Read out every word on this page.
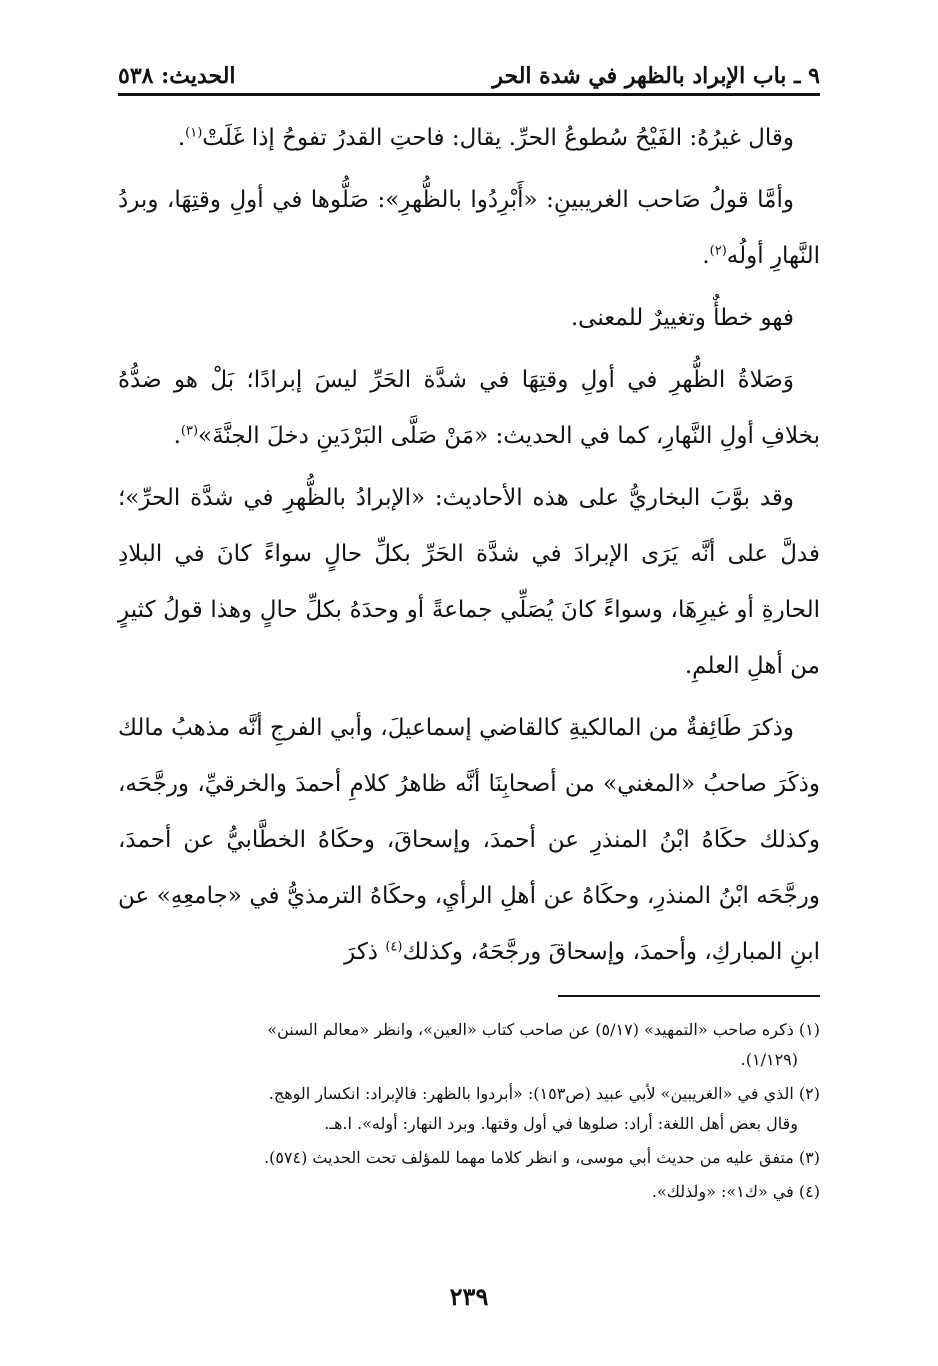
٩ ـ باب الإبراد بالظهر في شدة الحر
الحديث: ٥٣٨

وقال غيرُهُ: الفَيْحُ سُطوعُ الحرِّ. يقال: فاحتِ القدرُ تفوحُ إذا غَلَتْ$^{(١)}$.

وأمَّا قولُ صَاحب الغريبينِ: «أَبْرِدُوا بالظُّهرِ»: صَلُّوها في أولِ وقتِهَا، وبردُ النَّهارِ أولُه$^{(٢)}$.

فهو خطأٌ وتغييرٌ للمعنى.

وَصَلاةُ الظُّهرِ في أولِ وقتِهَا في شدَّة الحَرِّ ليسَ إبرادًا؛ بَلْ هو ضدُّهُ بخلافِ أولِ النَّهارِ، كما في الحديث: «مَنْ صَلَّى البَرْدَينِ دخلَ الجنَّةَ»$^{(٣)}$.

وقد بوَّبَ البخاريُّ على هذه الأحاديث: «الإبرادُ بالظُّهرِ في شدَّة الحرِّ»؛ فدلَّ على أنَّه يَرَى الإبرادَ في شدَّة الحَرِّ بكلِّ حالٍ سواءً كانَ في البلادِ الحارةِ أو غيرِهَا، وسواءً كانَ يُصَلِّي جماعةً أو وحدَهُ بكلِّ حالٍ وهذا قولُ كثيرٍ من أهلِ العلمِ.

وذكرَ طَائِفةٌ من المالكيةِ كالقاضي إسماعيلَ، وأبي الفرجِ أنَّه مذهبُ مالك وذكَرَ صاحبُ «المغني» من أصحابِنَا أنَّه ظاهرُ كلامِ أحمدَ والخرقيِّ، ورجَّحَه، وكذلك حكَاهُ ابْنُ المنذرِ عن أحمدَ، وإسحاقَ، وحكَاهُ الخطَّابيُّ عن أحمدَ، ورجَّحَه ابْنُ المنذرِ، وحكَاهُ عن أهلِ الرأيِ، وحكَاهُ الترمذيُّ في «جامعِهِ» عن ابنِ المباركِ، وأحمدَ، وإسحاقَ ورجَّحَهُ، وكذلك$^{(٤)}$ ذكرَ

(١) ذكره صاحب «التمهيد» (٥/١٧) عن صاحب كتاب «العين»، وانظر «معالم السنن»
(١/١٢٩).
(٢) الذي في «الغريبين» لأبي عبيد (ص١٥٣): «أبردوا بالظهر: فالإبراد: انكسار الوهج.
وقال بعض أهل اللغة: أراد: صلوها في أول وقتها. وبرد النهار: أوله». ا.هـ.
(٣) متفق عليه من حديث أبي موسى، و انظر كلاما مهما للمؤلف تحت الحديث (٥٧٤).
(٤) في «ك١»: «ولذلك».
٢٣٩
